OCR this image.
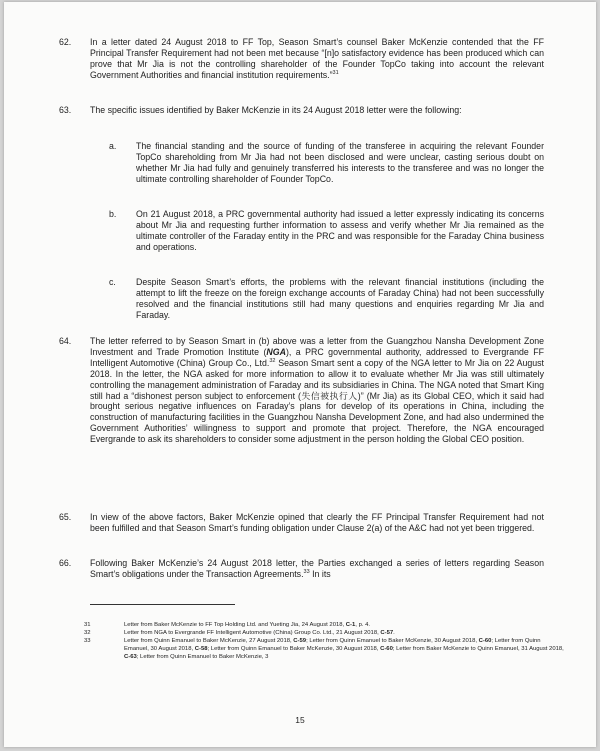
62. In a letter dated 24 August 2018 to FF Top, Season Smart’s counsel Baker McKenzie contended that the FF Principal Transfer Requirement had not been met because “[n]o satisfactory evidence has been produced which can prove that Mr Jia is not the controlling shareholder of the Founder TopCo taking into account the relevant Government Authorities and financial institution requirements.”$^{31}$
63. The specific issues identified by Baker McKenzie in its 24 August 2018 letter were the following:
a. The financial standing and the source of funding of the transferee in acquiring the relevant Founder TopCo shareholding from Mr Jia had not been disclosed and were unclear, casting serious doubt on whether Mr Jia had fully and genuinely transferred his interests to the transferee and was no longer the ultimate controlling shareholder of Founder TopCo.
b. On 21 August 2018, a PRC governmental authority had issued a letter expressly indicating its concerns about Mr Jia and requesting further information to assess and verify whether Mr Jia remained as the ultimate controller of the Faraday entity in the PRC and was responsible for the Faraday China business and operations.
c. Despite Season Smart’s efforts, the problems with the relevant financial institutions (including the attempt to lift the freeze on the foreign exchange accounts of Faraday China) had not been successfully resolved and the financial institutions still had many questions and enquiries regarding Mr Jia and Faraday.
64. The letter referred to by Season Smart in (b) above was a letter from the Guangzhou Nansha Development Zone Investment and Trade Promotion Institute (NGA), a PRC governmental authority, addressed to Evergrande FF Intelligent Automotive (China) Group Co., Ltd.$^{32}$ Season Smart sent a copy of the NGA letter to Mr Jia on 22 August 2018. In the letter, the NGA asked for more information to allow it to evaluate whether Mr Jia was still ultimately controlling the management administration of Faraday and its subsidiaries in China. The NGA noted that Smart King still had a “dishonest person subject to enforcement (失信被执行人)” (Mr Jia) as its Global CEO, which it said had brought serious negative influences on Faraday’s plans for develop of its operations in China, including the construction of manufacturing facilities in the Guangzhou Nansha Development Zone, and had also undermined the Government Authorities’ willingness to support and promote that project. Therefore, the NGA encouraged Evergrande to ask its shareholders to consider some adjustment in the person holding the Global CEO position.
65. In view of the above factors, Baker McKenzie opined that clearly the FF Principal Transfer Requirement had not been fulfilled and that Season Smart’s funding obligation under Clause 2(a) of the A&C had not yet been triggered.
66. Following Baker McKenzie’s 24 August 2018 letter, the Parties exchanged a series of letters regarding Season Smart’s obligations under the Transaction Agreements.$^{33}$ In its
31	Letter from Baker McKenzie to FF Top Holding Ltd. and Yueting Jia, 24 August 2018, C-1, p. 4.
32	Letter from NGA to Evergrande FF Intelligent Automotive (China) Group Co. Ltd., 21 August 2018, C-57.
33	Letter from Quinn Emanuel to Baker McKenzie, 27 August 2018, C-59; Letter from Quinn Emanuel to Baker McKenzie, 30 August 2018, C-60; Letter from Quinn Emanuel, 30 August 2018, C-58; Letter from Quinn Emanuel to Baker McKenzie, 30 August 2018, C-60; Letter from Baker McKenzie to Quinn Emanuel, 31 August 2018, C-63; Letter from Quinn Emanuel to Baker McKenzie, 3
15
